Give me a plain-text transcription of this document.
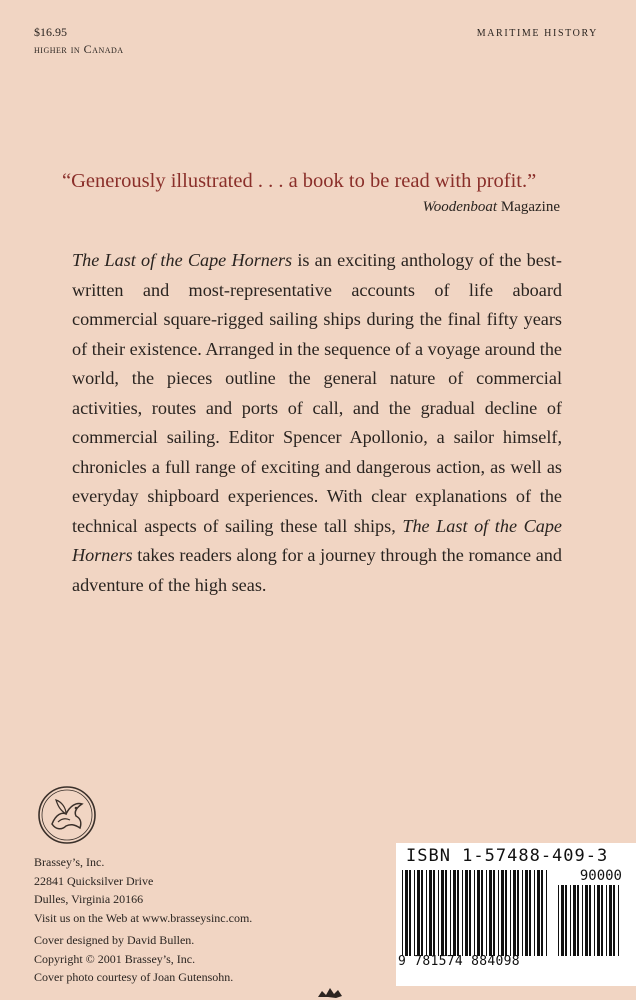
$16.95
higher in Canada
MARITIME HISTORY
“Generously illustrated . . . a book to be read with profit.”
Woodenboat Magazine

The Last of the Cape Horners is an exciting anthology of the best-written and most-representative accounts of life aboard commercial square-rigged sailing ships during the final fifty years of their existence. Arranged in the sequence of a voyage around the world, the pieces outline the general nature of commercial activities, routes and ports of call, and the gradual decline of commercial sailing. Editor Spencer Apollonio, a sailor himself, chronicles a full range of exciting and dangerous action, as well as everyday shipboard experiences. With clear explanations of the technical aspects of sailing these tall ships, The Last of the Cape Horners takes readers along for a journey through the romance and adventure of the high seas.

Brassey’s, Inc.
22841 Quicksilver Drive
Dulles, Virginia 20166
Visit us on the Web at www.brasseysinc.com.
Cover designed by David Bullen.
Copyright © 2001 Brassey’s, Inc.
Cover photo courtesy of Joan Gutensohn.
ISBN 1-57488-409-3
90000
9 781574 884098
